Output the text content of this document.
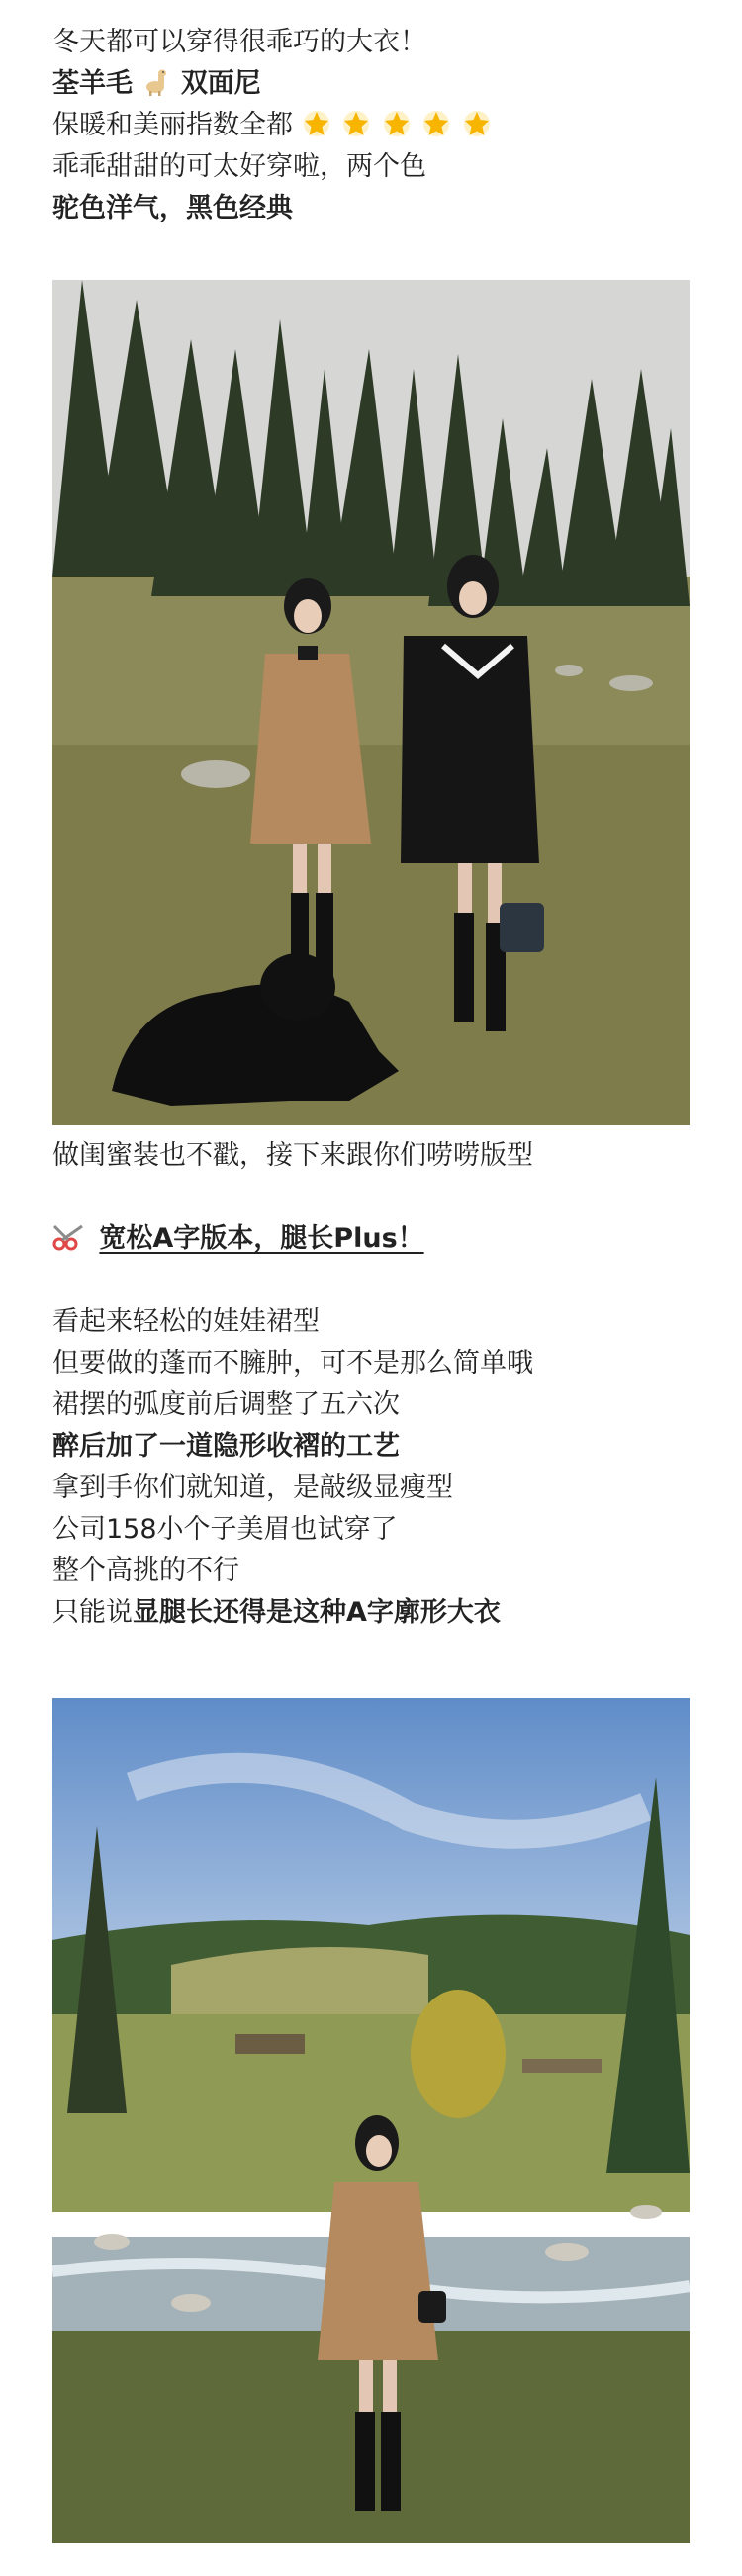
冬天都可以穿得很乖巧的大衣！
荃羊毛 双面尼
保暖和美丽指数全都
乖乖甜甜的可太好穿啦，两个色
驼色洋气，黑色经典
做闺蜜装也不戳，接下来跟你们唠唠版型
宽松A字版本，腿长Plus！
看起来轻松的娃娃裙型
但要做的蓬而不臃肿，可不是那么简单哦
裙摆的弧度前后调整了五六次
醉后加了一道隐形收褶的工艺
拿到手你们就知道，是敲级显瘦型
公司158小个子美眉也试穿了
整个高挑的不行
只能说显腿长还得是这种A字廓形大衣
